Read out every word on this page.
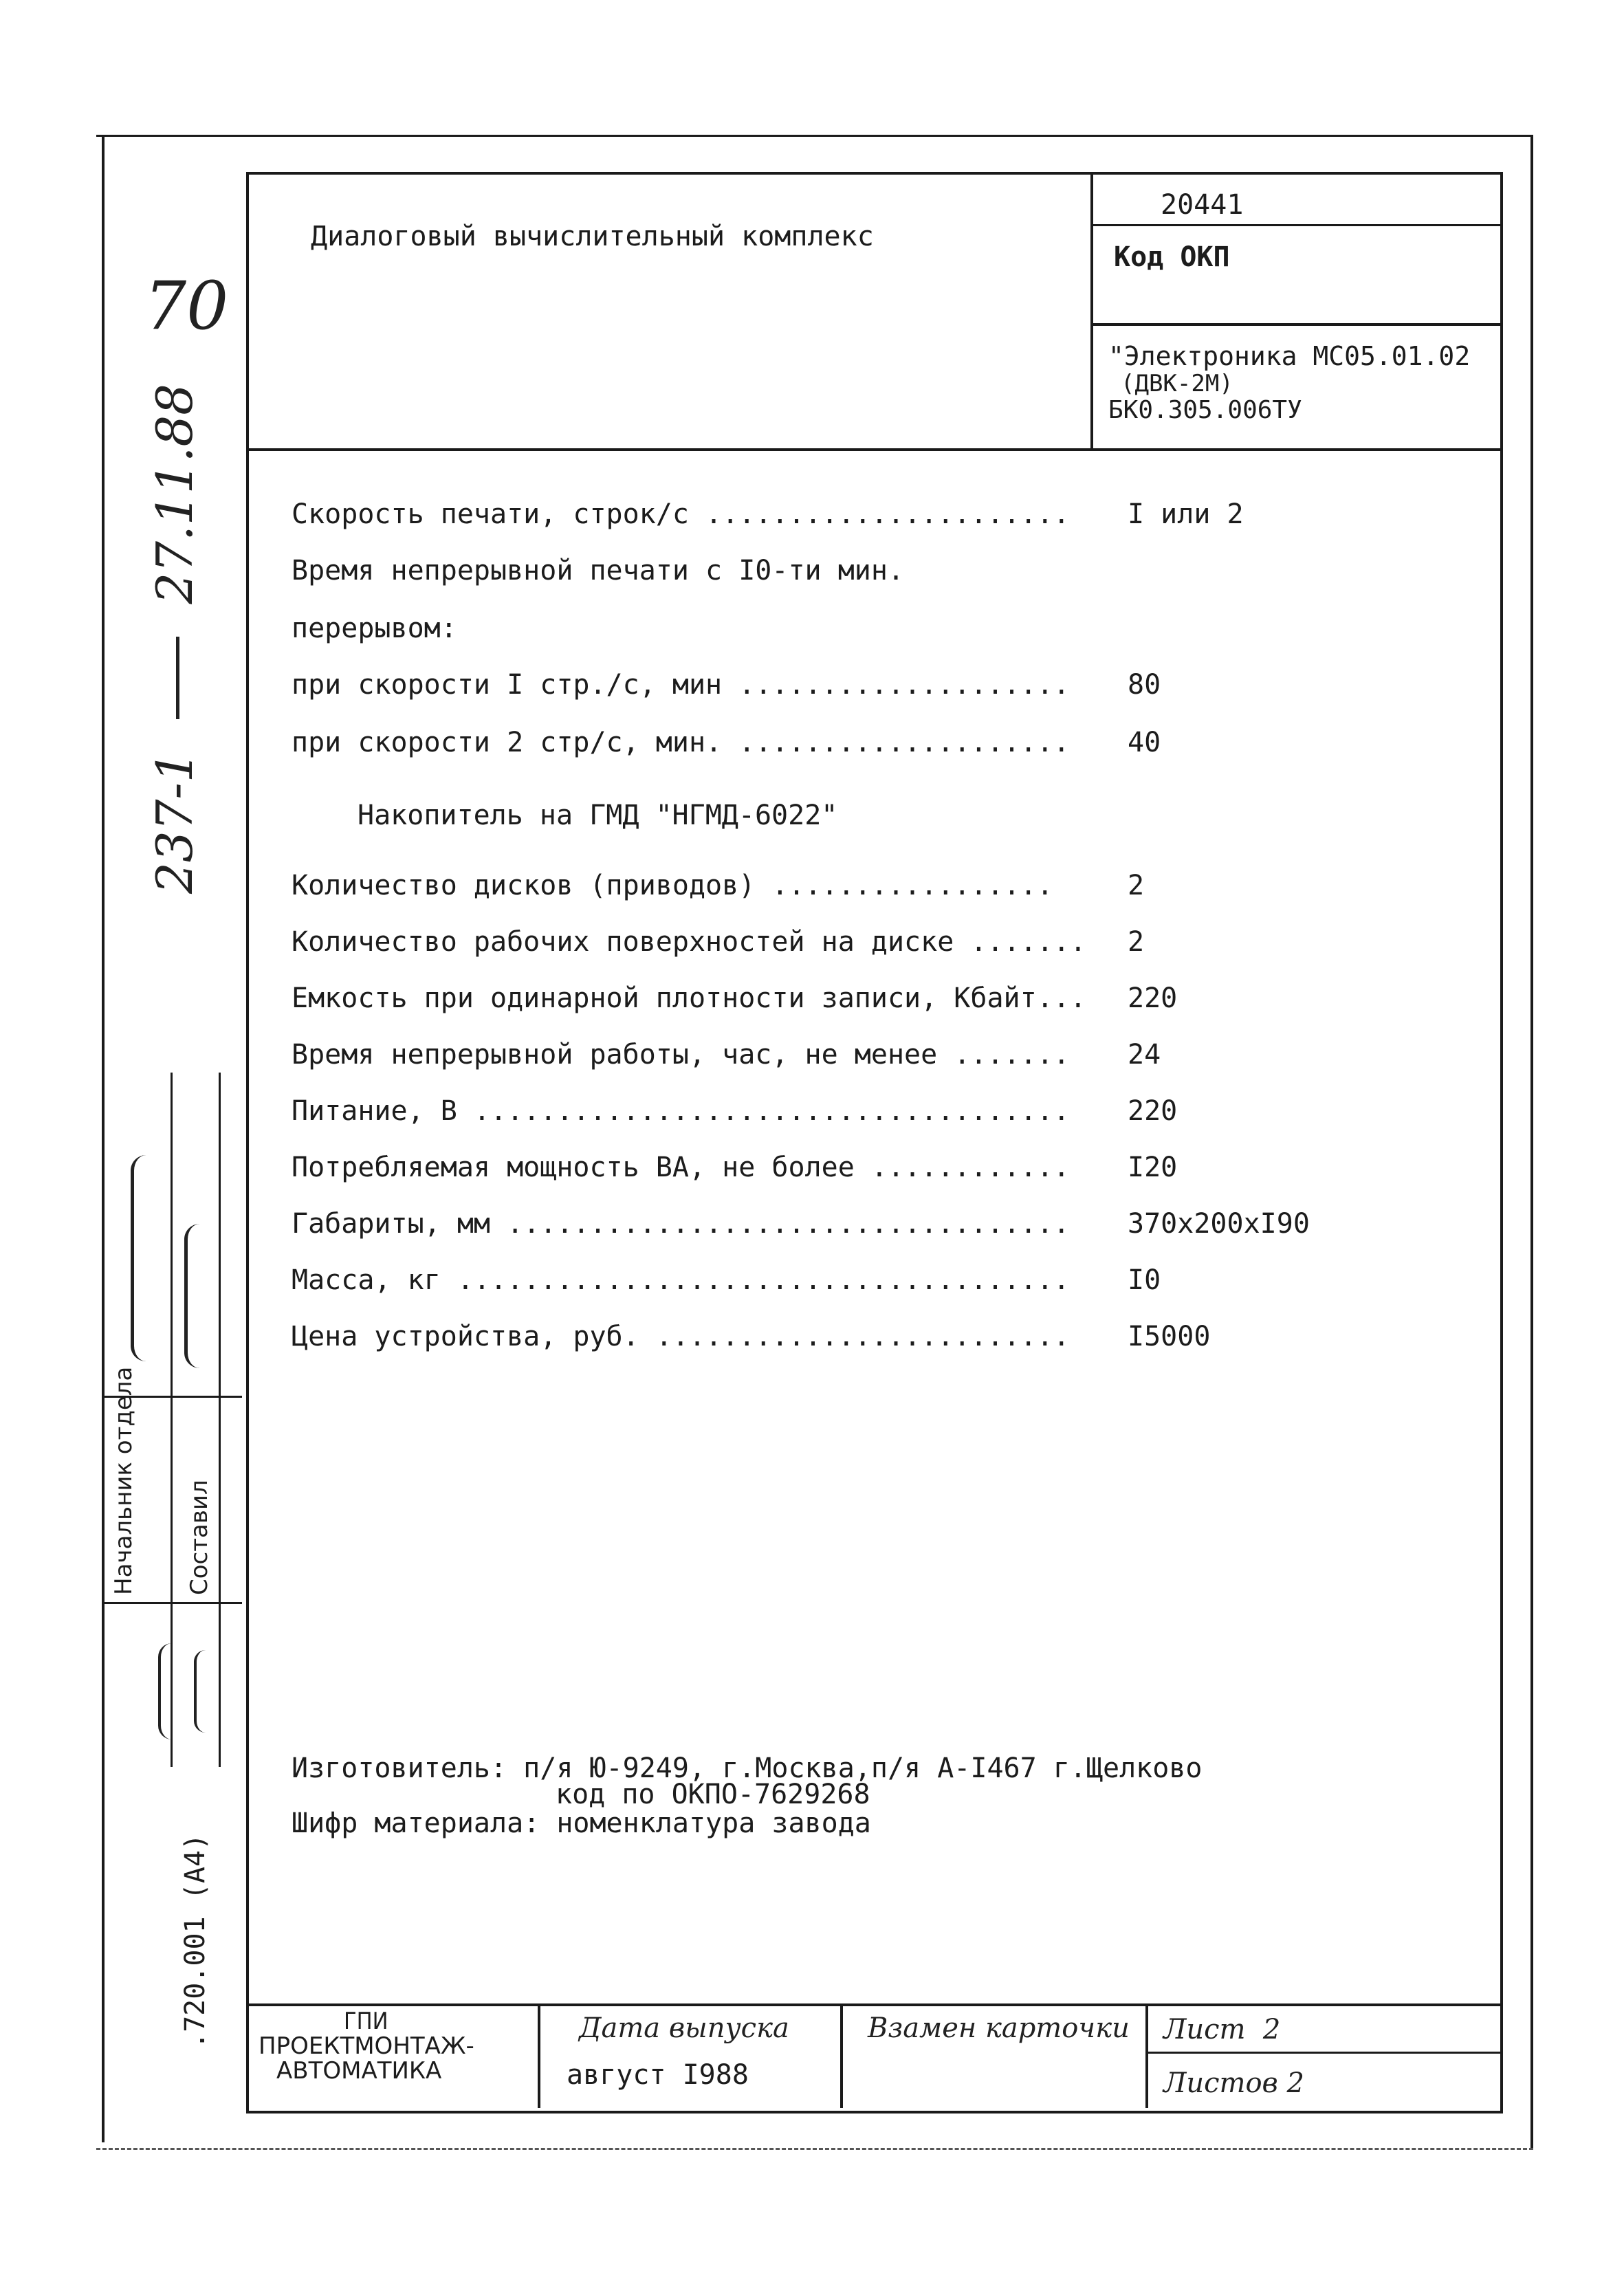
70
237-1  27.11.88
Начальник отдела Составил
.720.001 (А4)
Диалоговый вычислительный комплекс
20441
Код ОКП
"Электроника МС05.01.02
(ДВК-2М)
БК0.305.006ТУ
Скорость печати, строк/с ...................... I или 2
Время непрерывной печати с I0-ти мин.
перерывом:
при скорости I стр./с, мин .................... 80
при скорости 2 стр/с, мин. .................... 40
Накопитель на ГМД "НГМД-6022"
Количество дисков (приводов) .................	2
Количество рабочих поверхностей на диске ....... 2
Емкость при одинарной плотности записи, Кбайт... 220
Время непрерывной работы, час, не менее ....... 24
Питание, В .................................... 220
Потребляемая мощность ВА, не более ............ I20
Габариты, мм .................................. 370x200xI90
Масса, кг ..................................... I0
Цена устройства, руб. ......................... I5000
Изготовитель: п/я Ю-9249, г.Москва,п/я А-I467 г.Щелково
код по ОКПО-7629268
Шифр материала: номенклатура завода
ГПИ
ПРОЕКТМОНТАЖ-
АВТОМАТИКА
Дата выпуска
август I988
Взамен карточки Лист  2
Листов 2
